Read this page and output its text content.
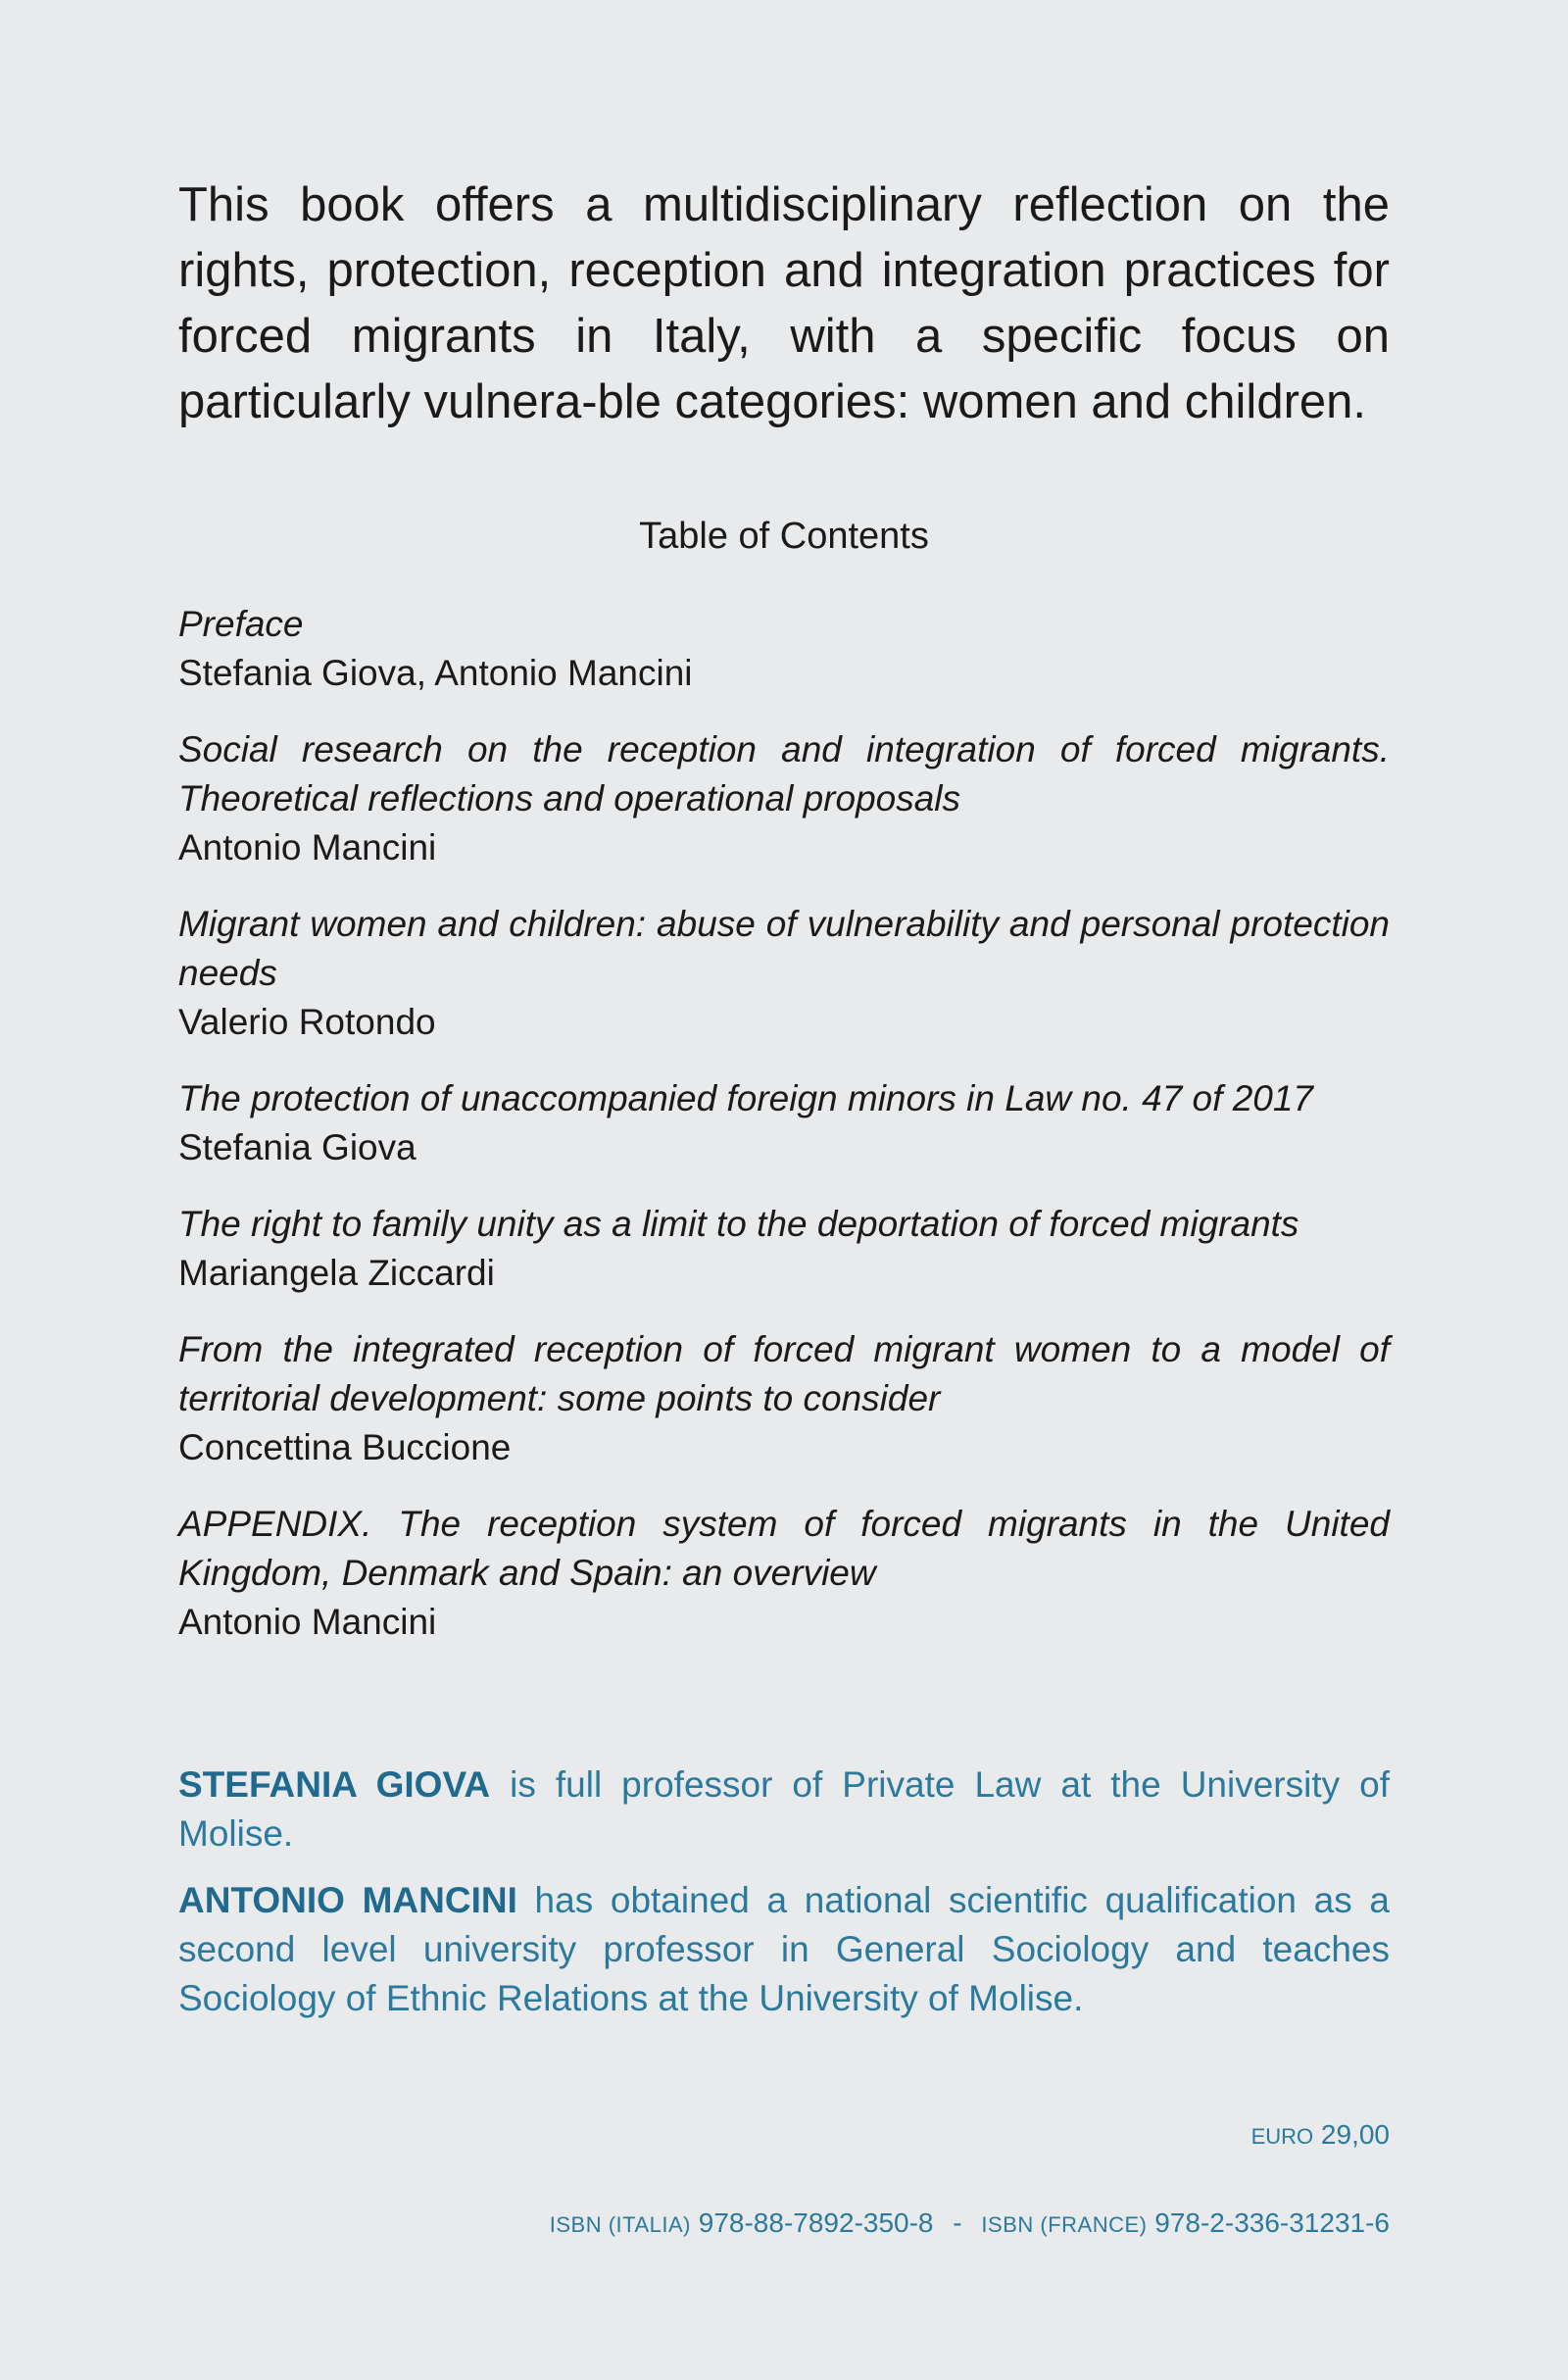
This book offers a multidisciplinary reflection on the rights, protection, reception and integration practices for forced migrants in Italy, with a specific focus on particularly vulnera-ble categories: women and children.

Table of Contents
Preface
Stefania Giova, Antonio Mancini
Social research on the reception and integration of forced migrants. Theoretical reflections and operational proposals
Antonio Mancini
Migrant women and children: abuse of vulnerability and personal protection needs
Valerio Rotondo
The protection of unaccompanied foreign minors in Law no. 47 of 2017
Stefania Giova
The right to family unity as a limit to the deportation of forced migrants
Mariangela Ziccardi
From the integrated reception of forced migrant women to a model of territorial development: some points to consider
Concettina Buccione
APPENDIX. The reception system of forced migrants in the United Kingdom, Denmark and Spain: an overview
Antonio Mancini

STEFANIA GIOVA is full professor of Private Law at the University of Molise.

ANTONIO MANCINI has obtained a national scientific qualification as a second level university professor in General Sociology and teaches Sociology of Ethnic Relations at the University of Molise.

EURO 29,00
ISBN (ITALIA) 978-88-7892-350-8 - ISBN (FRANCE) 978-2-336-31231-6
